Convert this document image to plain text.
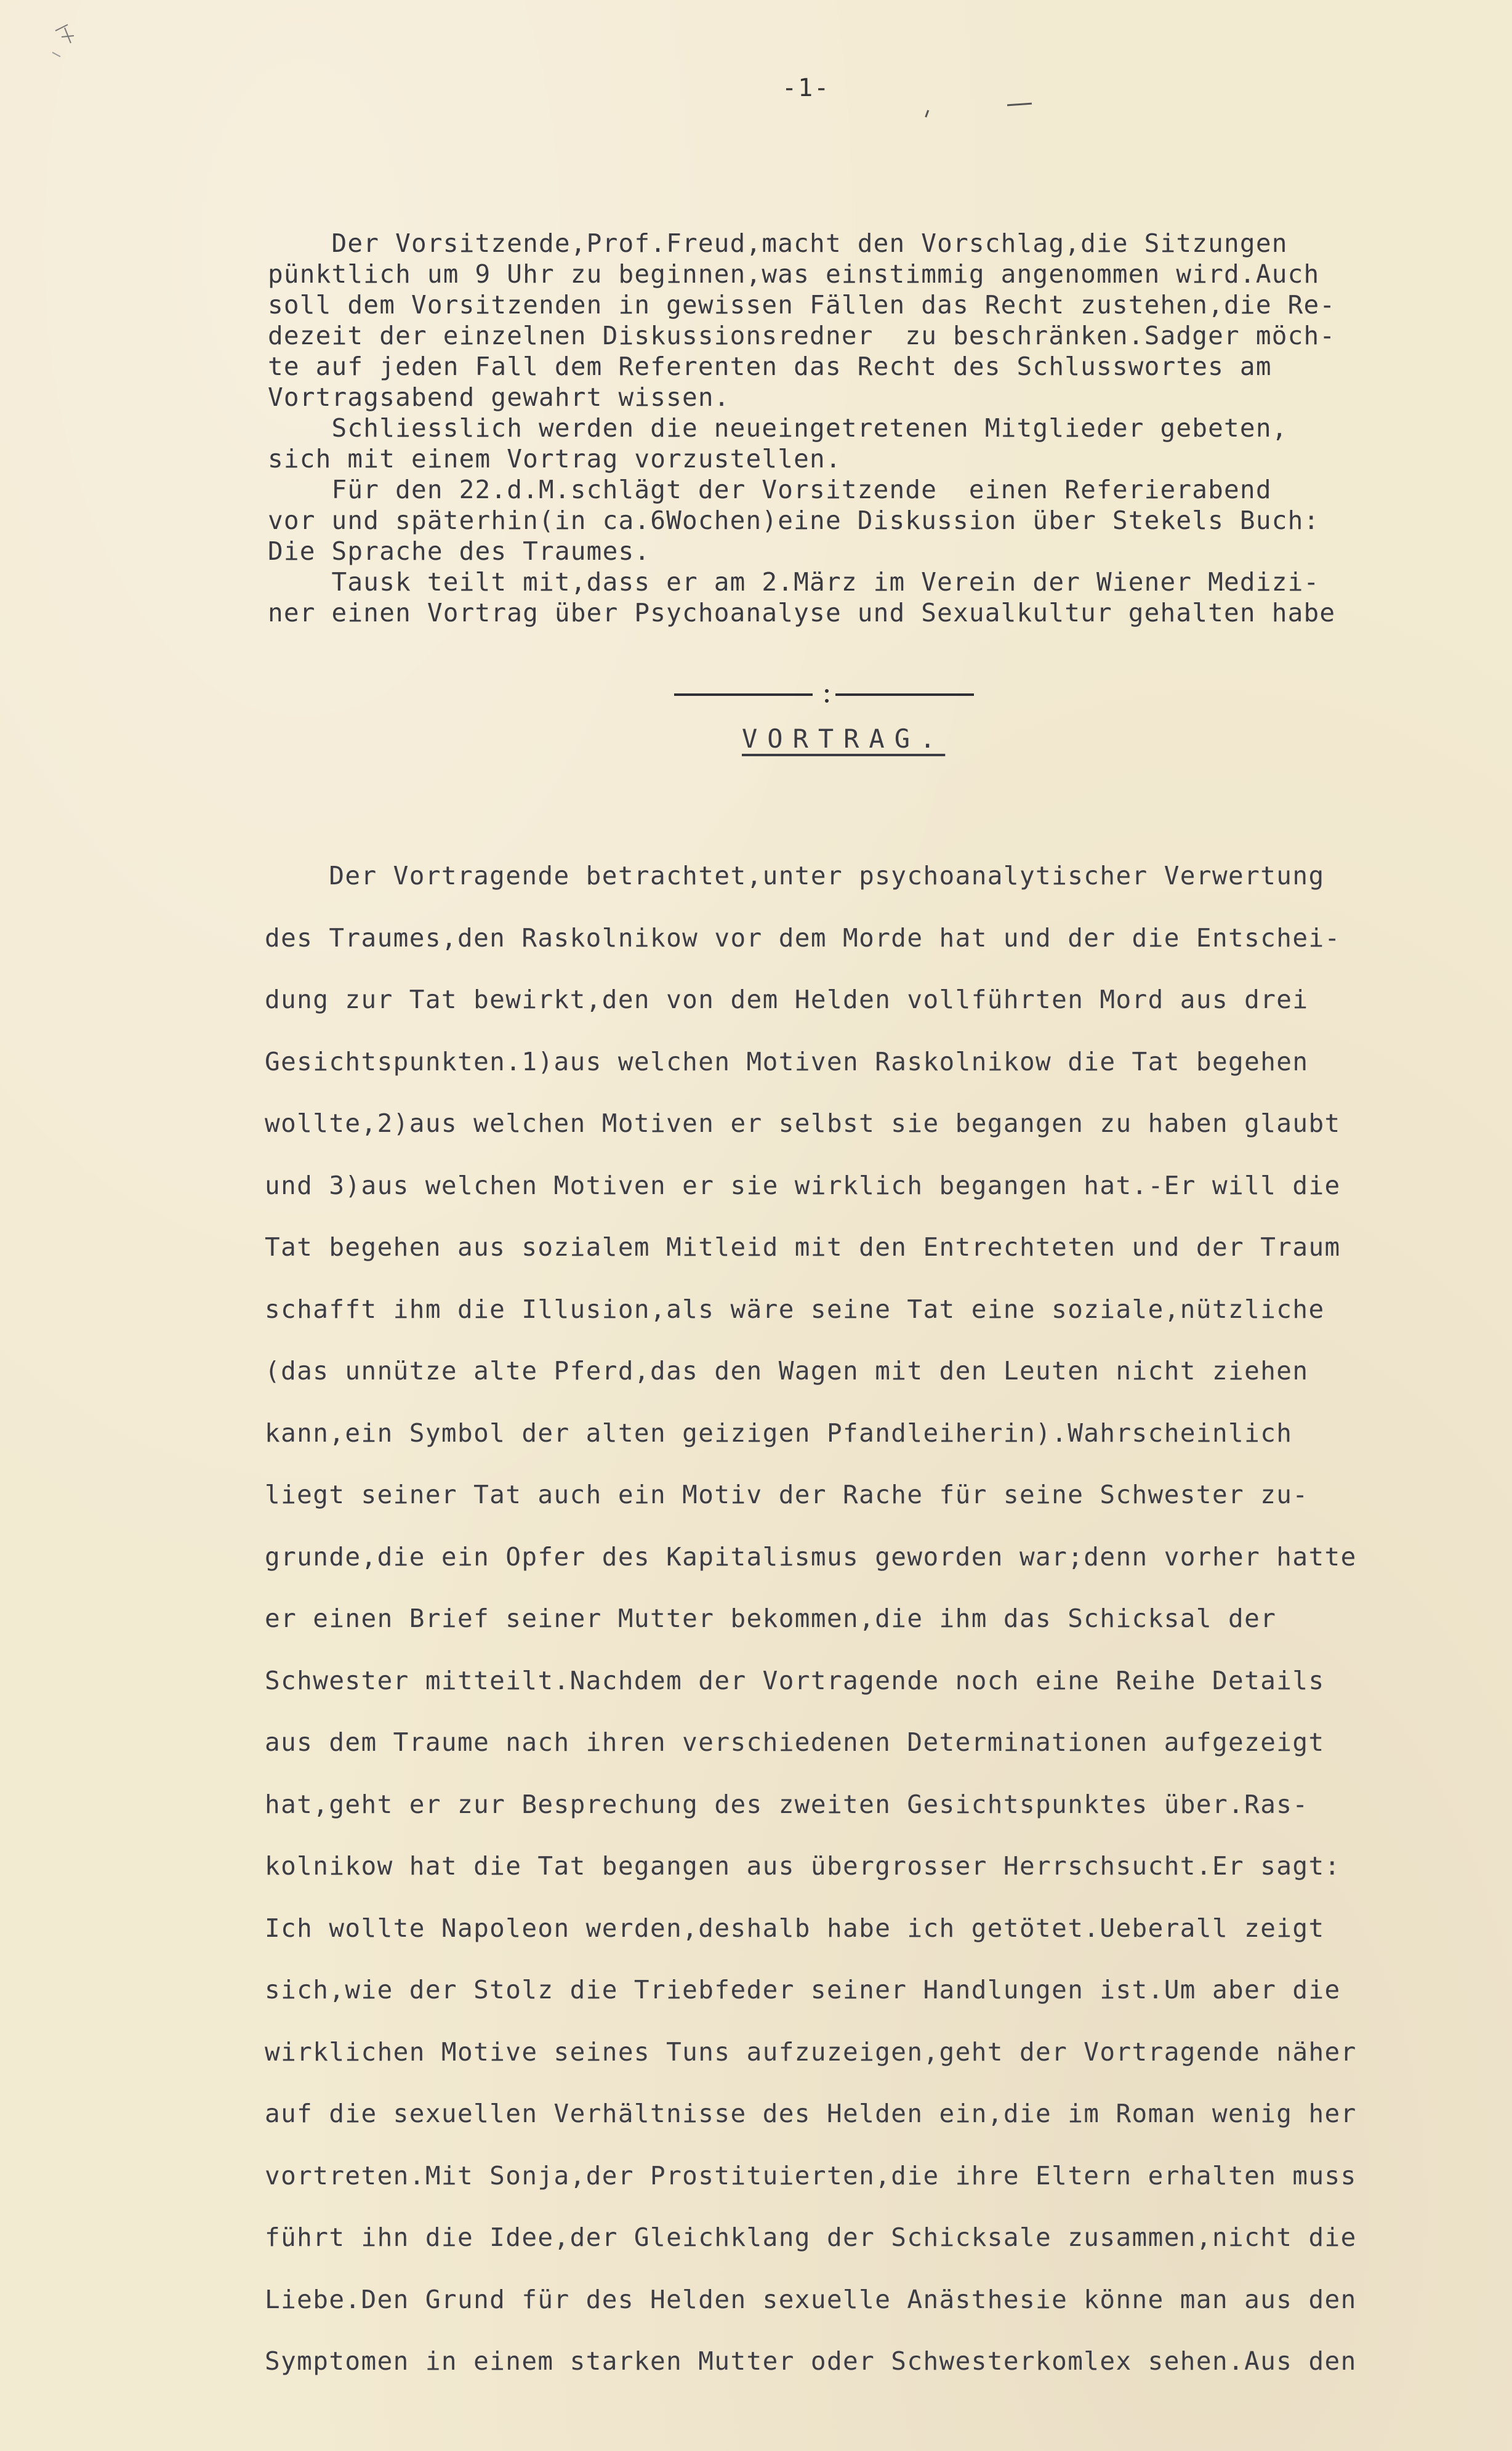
-1-

Der Vorsitzende,Prof.Freud,macht den Vorschlag,die Sitzungen

pünktlich um 9 Uhr zu beginnen,was einstimmig angenommen wird.Auch

soll dem Vorsitzenden in gewissen Fällen das Recht zustehen,die Re-

dezeit der einzelnen Diskussionsredner  zu beschränken.Sadger möch-

te auf jeden Fall dem Referenten das Recht des Schlusswortes am

Vortragsabend gewahrt wissen.

Schliesslich werden die neueingetretenen Mitglieder gebeten,

sich mit einem Vortrag vorzustellen.

Für den 22.d.M.schlägt der Vorsitzende  einen Referierabend

vor und späterhin(in ca.6Wochen)eine Diskussion über Stekels Buch:

Die Sprache des Traumes.

Tausk teilt mit,dass er am 2.März im Verein der Wiener Medizi-

ner einen Vortrag über Psychoanalyse und Sexualkultur gehalten habe

VORTRAG.

Der Vortragende betrachtet,unter psychoanalytischer Verwertung

des Traumes,den Raskolnikow vor dem Morde hat und der die Entschei-

dung zur Tat bewirkt,den von dem Helden vollführten Mord aus drei

Gesichtspunkten.1)aus welchen Motiven Raskolnikow die Tat begehen

wollte,2)aus welchen Motiven er selbst sie begangen zu haben glaubt

und 3)aus welchen Motiven er sie wirklich begangen hat.-Er will die

Tat begehen aus sozialem Mitleid mit den Entrechteten und der Traum

schafft ihm die Illusion,als wäre seine Tat eine soziale,nützliche

(das unnütze alte Pferd,das den Wagen mit den Leuten nicht ziehen

kann,ein Symbol der alten geizigen Pfandleiherin).Wahrscheinlich

liegt seiner Tat auch ein Motiv der Rache für seine Schwester zu-

grunde,die ein Opfer des Kapitalismus geworden war;denn vorher hatte

er einen Brief seiner Mutter bekommen,die ihm das Schicksal der

Schwester mitteilt.Nachdem der Vortragende noch eine Reihe Details

aus dem Traume nach ihren verschiedenen Determinationen aufgezeigt

hat,geht er zur Besprechung des zweiten Gesichtspunktes über.Ras-

kolnikow hat die Tat begangen aus übergrosser Herrschsucht.Er sagt:

Ich wollte Napoleon werden,deshalb habe ich getötet.Ueberall zeigt

sich,wie der Stolz die Triebfeder seiner Handlungen ist.Um aber die

wirklichen Motive seines Tuns aufzuzeigen,geht der Vortragende näher

auf die sexuellen Verhältnisse des Helden ein,die im Roman wenig her

vortreten.Mit Sonja,der Prostituierten,die ihre Eltern erhalten muss

führt ihn die Idee,der Gleichklang der Schicksale zusammen,nicht die

Liebe.Den Grund für des Helden sexuelle Anästhesie könne man aus den

Symptomen in einem starken Mutter oder Schwesterkomlex sehen.Aus den
